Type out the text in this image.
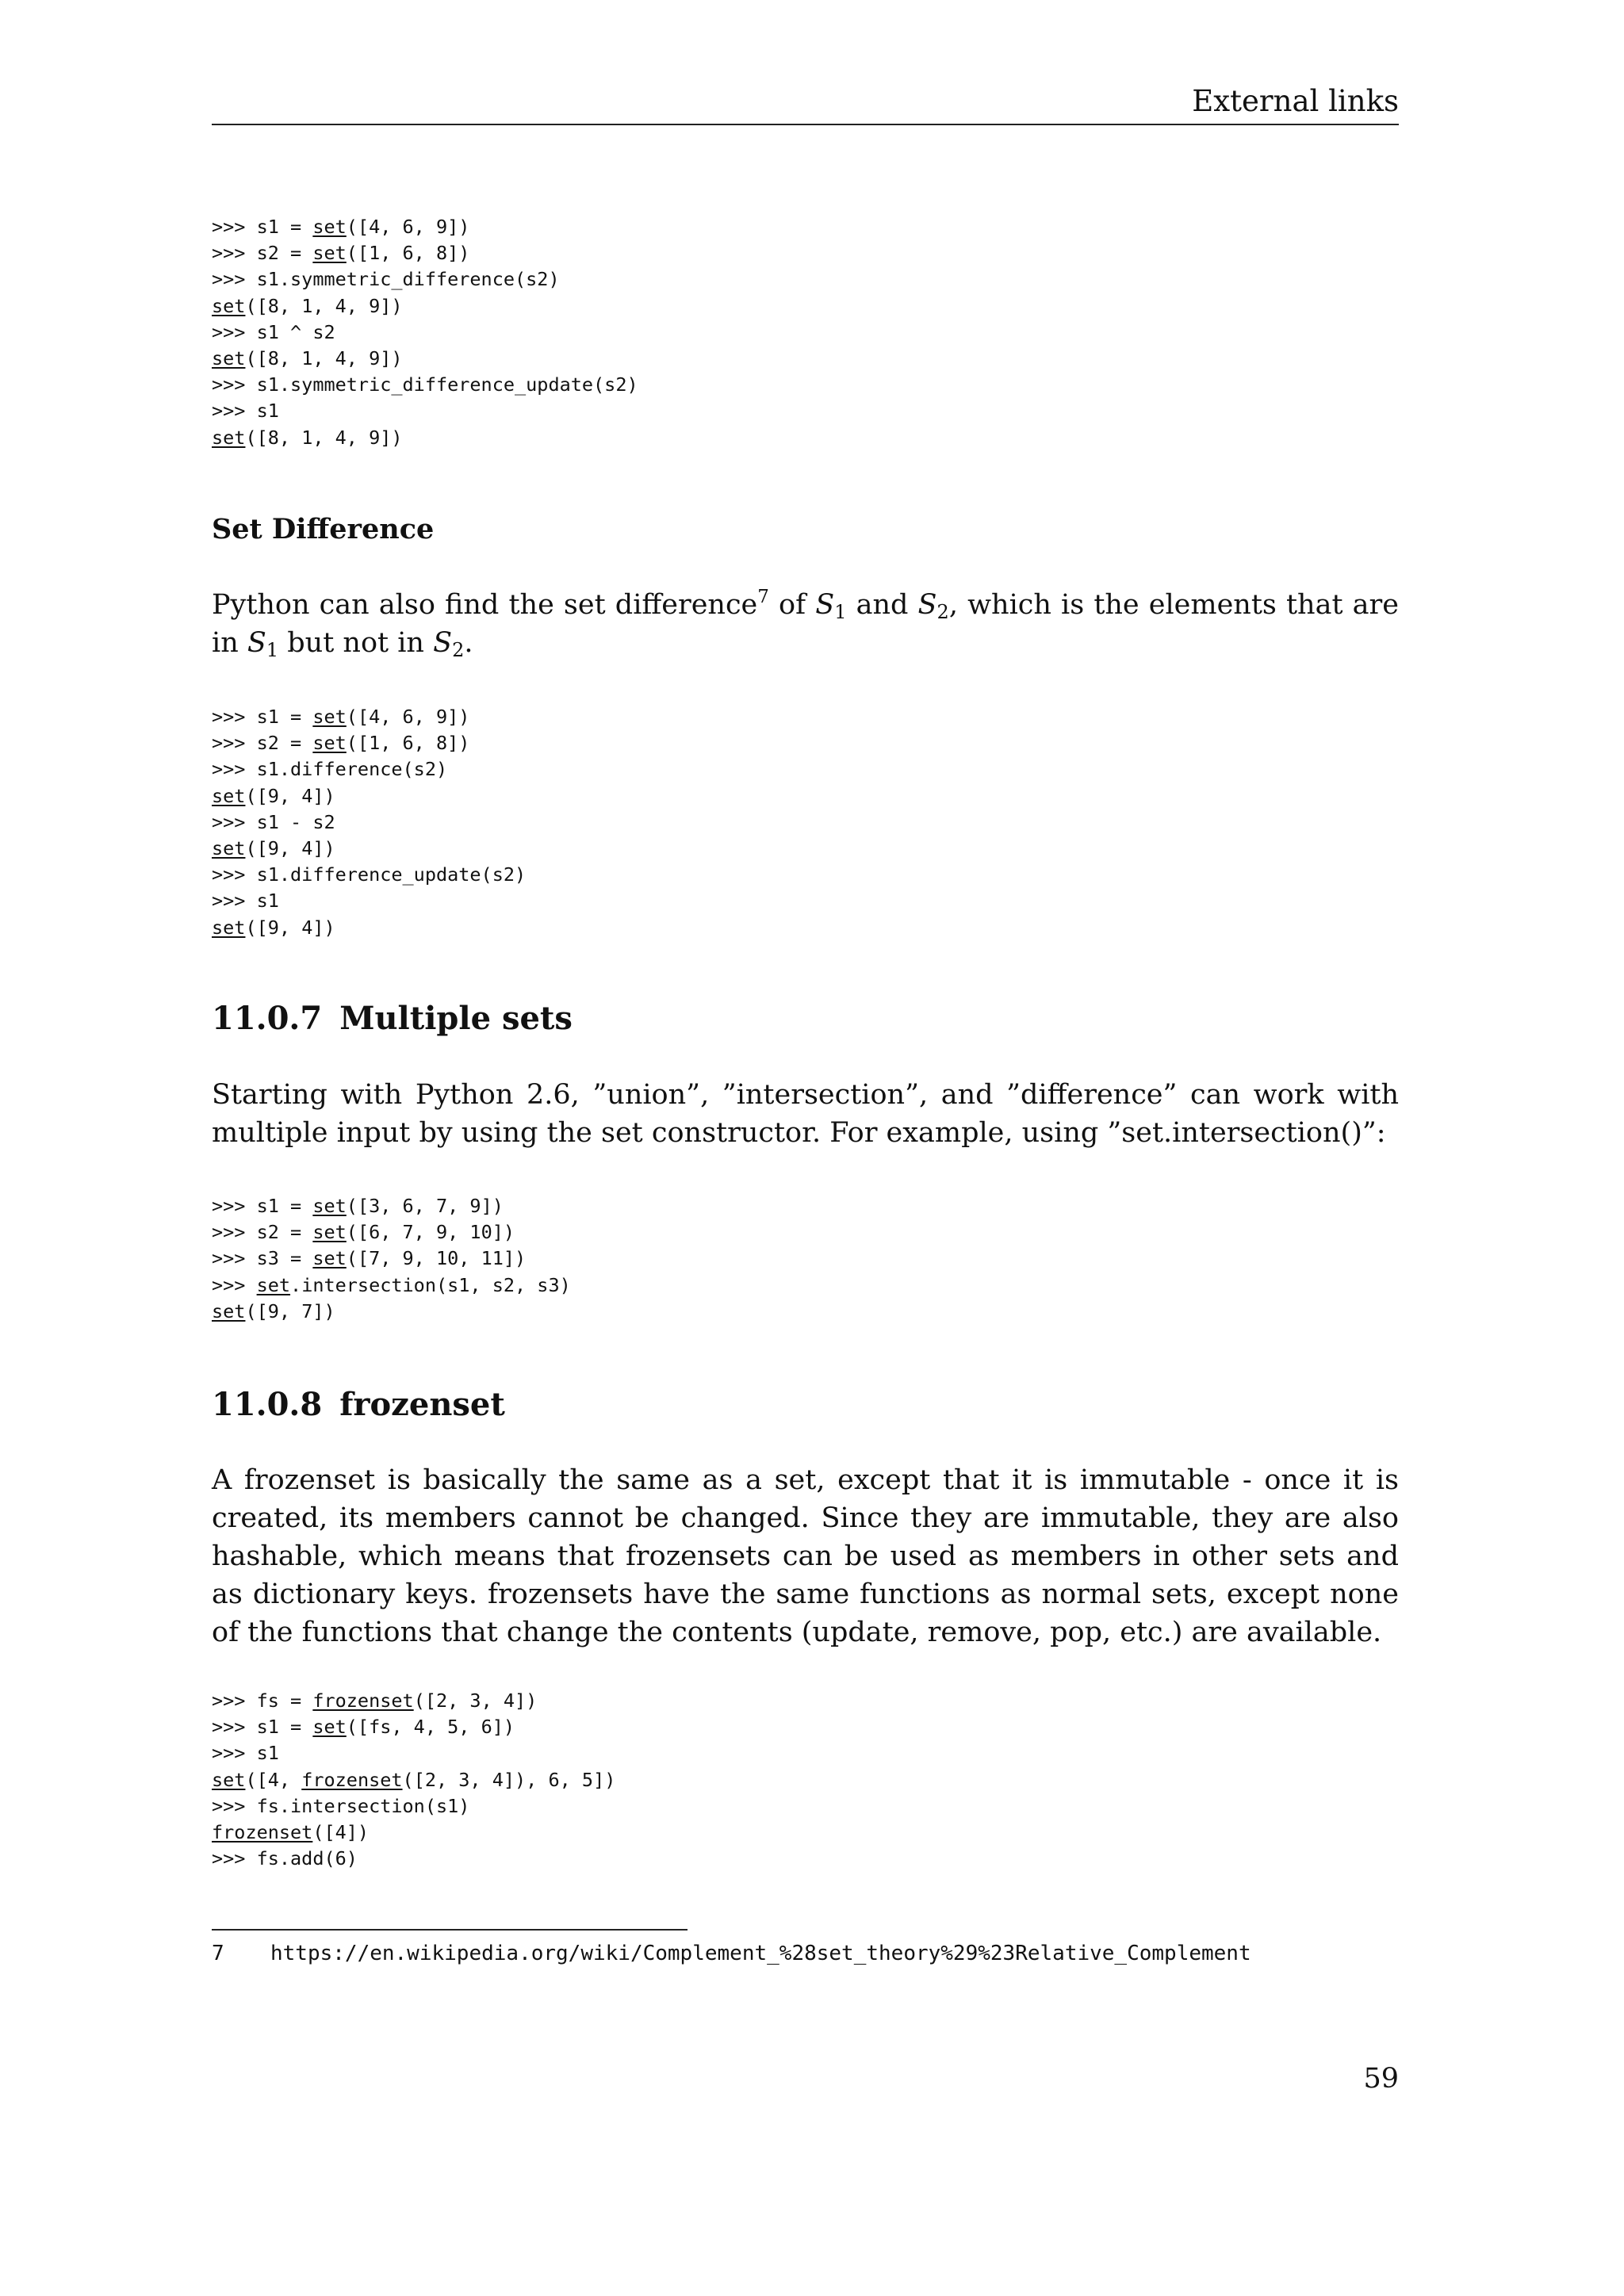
External links
>>> s1 = set([4, 6, 9])
>>> s2 = set([1, 6, 8])
>>> s1.symmetric_difference(s2)
set([8, 1, 4, 9])
>>> s1 ^ s2
set([8, 1, 4, 9])
>>> s1.symmetric_difference_update(s2)
>>> s1
set([8, 1, 4, 9])
Set Difference

Python can also find the set difference$^7$ of $S_1$ and $S_2$, which is the elements that are in $S_1$ but not in $S_2$.

>>> s1 = set([4, 6, 9])
>>> s2 = set([1, 6, 8])
>>> s1.difference(s2)
set([9, 4])
>>> s1 - s2
set([9, 4])
>>> s1.difference_update(s2)
>>> s1
set([9, 4])
11.0.7 Multiple sets

Starting with Python 2.6, ”union”, ”intersection”, and ”difference” can work with multiple input by using the set constructor. For example, using ”set.intersection()”:

>>> s1 = set([3, 6, 7, 9])
>>> s2 = set([6, 7, 9, 10])
>>> s3 = set([7, 9, 10, 11])
>>> set.intersection(s1, s2, s3)
set([9, 7])
11.0.8 frozenset

A frozenset is basically the same as a set, except that it is immutable - once it is created, its members cannot be changed. Since they are immutable, they are also hashable, which means that frozensets can be used as members in other sets and as dictionary keys. frozensets have the same functions as normal sets, except none of the functions that change the contents (update, remove, pop, etc.) are available.

>>> fs = frozenset([2, 3, 4])
>>> s1 = set([fs, 4, 5, 6])
>>> s1
set([4, frozenset([2, 3, 4]), 6, 5])
>>> fs.intersection(s1)
frozenset([4])
>>> fs.add(6)
7 https://en.wikipedia.org/wiki/Complement_%28set_theory%29%23Relative_Complement
59
